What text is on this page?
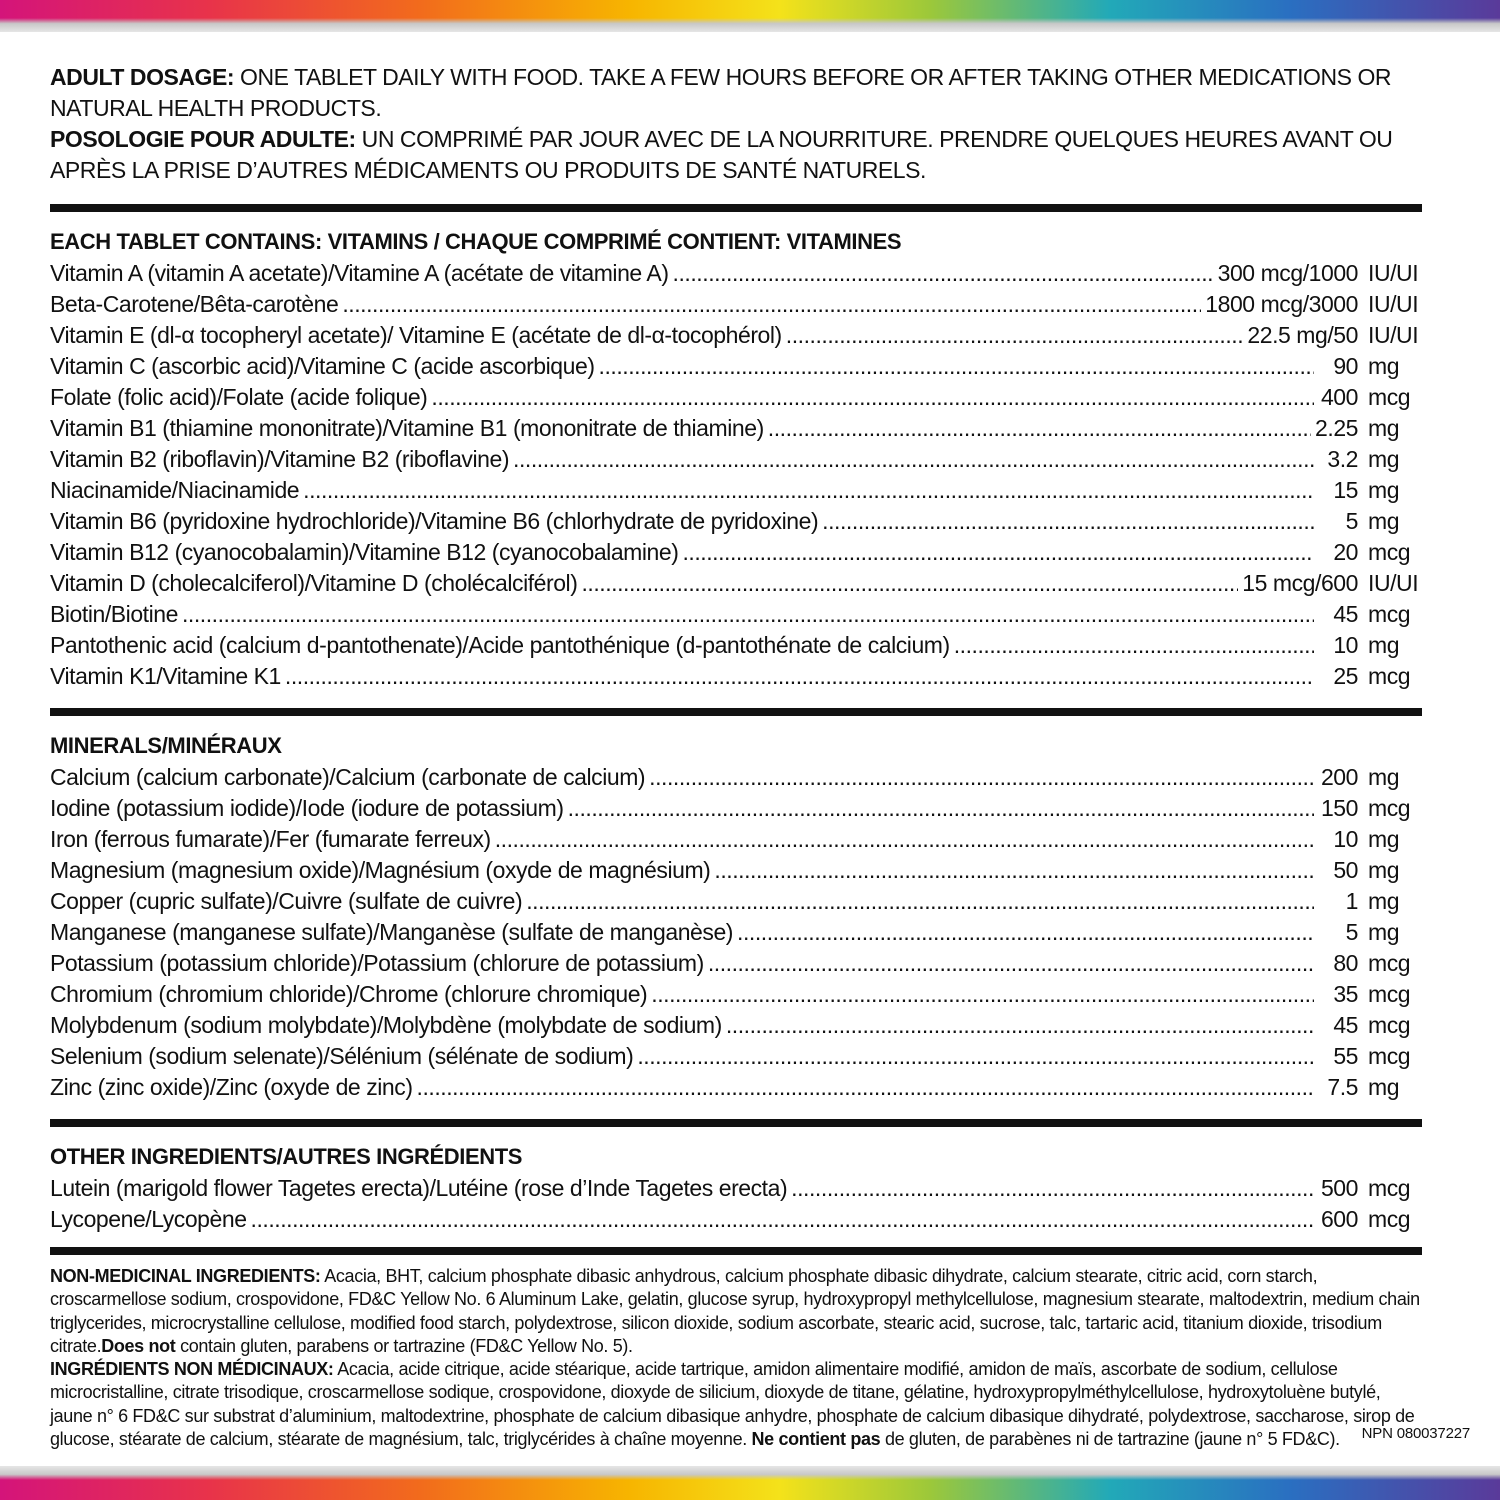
ADULT DOSAGE: ONE TABLET DAILY WITH FOOD. TAKE A FEW HOURS BEFORE OR AFTER TAKING OTHER MEDICATIONS OR NATURAL HEALTH PRODUCTS.
POSOLOGIE POUR ADULTE: UN COMPRIMÉ PAR JOUR AVEC DE LA NOURRITURE. PRENDRE QUELQUES HEURES AVANT OU APRÈS LA PRISE D’AUTRES MÉDICAMENTS OU PRODUITS DE SANTÉ NATURELS.
EACH TABLET CONTAINS: VITAMINS / CHAQUE COMPRIMÉ CONTIENT: VITAMINES
Vitamin A (vitamin A acetate)/Vitamine A (acétate de vitamine A) .....	300 mcg/1000 IU/UI
Beta-Carotene/Bêta-carotène .....	1800 mcg/3000 IU/UI
Vitamin E (dl-α tocopheryl acetate)/ Vitamine E (acétate de dl-α-tocophérol) .....	22.5 mg/50 IU/UI
Vitamin C (ascorbic acid)/Vitamine C (acide ascorbique) .....	90 mg
Folate (folic acid)/Folate (acide folique) .....	400 mcg
Vitamin B1 (thiamine mononitrate)/Vitamine B1 (mononitrate de thiamine) .....	2.25 mg
Vitamin B2 (riboflavin)/Vitamine B2 (riboflavine) .....	3.2 mg
Niacinamide/Niacinamide .....	15 mg
Vitamin B6 (pyridoxine hydrochloride)/Vitamine B6 (chlorhydrate de pyridoxine) .....	5 mg
Vitamin B12 (cyanocobalamin)/Vitamine B12 (cyanocobalamine) .....	20 mcg
Vitamin D (cholecalciferol)/Vitamine D (cholécalciférol) .....	15 mcg/600 IU/UI
Biotin/Biotine .....	45 mcg
Pantothenic acid (calcium d-pantothenate)/Acide pantothénique (d-pantothénate de calcium) .....	10 mg
Vitamin K1/Vitamine K1 .....	25 mcg
MINERALS/MINÉRAUX
Calcium (calcium carbonate)/Calcium (carbonate de calcium) .....	200 mg
Iodine (potassium iodide)/Iode (iodure de potassium) .....	150 mcg
Iron (ferrous fumarate)/Fer (fumarate ferreux) .....	10 mg
Magnesium (magnesium oxide)/Magnésium (oxyde de magnésium) .....	50 mg
Copper (cupric sulfate)/Cuivre (sulfate de cuivre) .....	1 mg
Manganese (manganese sulfate)/Manganèse (sulfate de manganèse) .....	5 mg
Potassium (potassium chloride)/Potassium (chlorure de potassium) .....	80 mcg
Chromium (chromium chloride)/Chrome (chlorure chromique) .....	35 mcg
Molybdenum (sodium molybdate)/Molybdène (molybdate de sodium) .....	45 mcg
Selenium (sodium selenate)/Sélénium (sélénate de sodium) .....	55 mcg
Zinc (zinc oxide)/Zinc (oxyde de zinc) .....	7.5 mg
OTHER INGREDIENTS/AUTRES INGRÉDIENTS
Lutein (marigold flower Tagetes erecta)/Lutéine (rose d’Inde Tagetes erecta) .....	500 mcg
Lycopene/Lycopène .....	600 mcg
NON-MEDICINAL INGREDIENTS: Acacia, BHT, calcium phosphate dibasic anhydrous, calcium phosphate dibasic dihydrate, calcium stearate, citric acid, corn starch, croscarmellose sodium, crospovidone, FD&C Yellow No. 6 Aluminum Lake, gelatin, glucose syrup, hydroxypropyl methylcellulose, magnesium stearate, maltodextrin, medium chain triglycerides, microcrystalline cellulose, modified food starch, polydextrose, silicon dioxide, sodium ascorbate, stearic acid, sucrose, talc, tartaric acid, titanium dioxide, trisodium citrate.Does not contain gluten, parabens or tartrazine (FD&C Yellow No. 5).
INGRÉDIENTS NON MÉDICINAUX: Acacia, acide citrique, acide stéarique, acide tartrique, amidon alimentaire modifié, amidon de maïs, ascorbate de sodium, cellulose microcristalline, citrate trisodique, croscarmellose sodique, crospovidone, dioxyde de silicium, dioxyde de titane, gélatine, hydroxypropylméthylcellulose, hydroxytoluène butylé, jaune n° 6 FD&C sur substrat d’aluminium, maltodextrine, phosphate de calcium dibasique anhydre, phosphate de calcium dibasique dihydraté, polydextrose, saccharose, sirop de glucose, stéarate de calcium, stéarate de magnésium, talc, triglycérides à chaîne moyenne. Ne contient pas de gluten, de parabènes ni de tartrazine (jaune n° 5 FD&C).	NPN 080037227
